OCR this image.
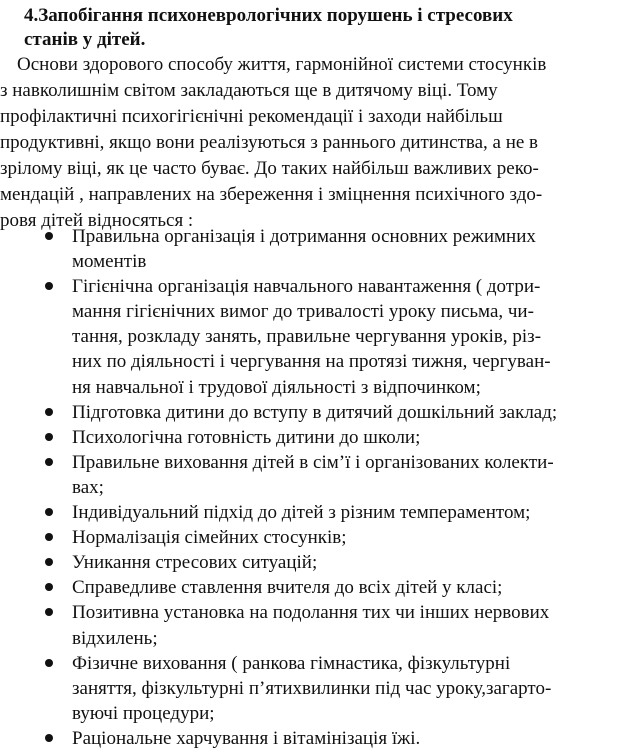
4.Запобігання психоневрологічних порушень і стресових

станів у дітей.

Основи здорового способу життя, гармонійної системи стосунків
з навколишнім світом закладаються ще в дитячому віці. Тому
профілактичні психогігієнічні рекомендації і заходи найбільш
продуктивні, якщо вони реалізуються з раннього дитинства, а не в
зрілому віці, як це часто буває. До таких найбільш важливих реко-
мендацій , направлених на збереження і зміцнення психічного здо-
ровя дітей відносяться :

Правильна організація і дотримання основних режимних
моментів
Гігієнічна організація навчального навантаження ( дотри-
мання гігієнічних вимог до тривалості уроку письма, чи-
тання, розкладу занять, правильне чергування уроків, різ-
них по діяльності і чергування на протязі тижня, чергуван-
ня навчальної і трудової діяльності з відпочинком;
Підготовка дитини до вступу в дитячий дошкільний заклад;
Психологічна готовність дитини до школи;
Правильне виховання дітей в сім’ї і організованих колекти-
вах;
Індивідуальний підхід до дітей з різним темпераментом;
Нормалізація сімейних стосунків;
Уникання стресових ситуацій;
Справедливе ставлення вчителя до всіх дітей у класі;
Позитивна установка на подолання тих чи інших нервових
відхилень;
Фізичне виховання ( ранкова гімнастика, фізкультурні
заняття, фізкультурні п’ятихвилинки під час уроку,загарто-
вуючі процедури;
Раціональне харчування і вітамінізація їжі.
